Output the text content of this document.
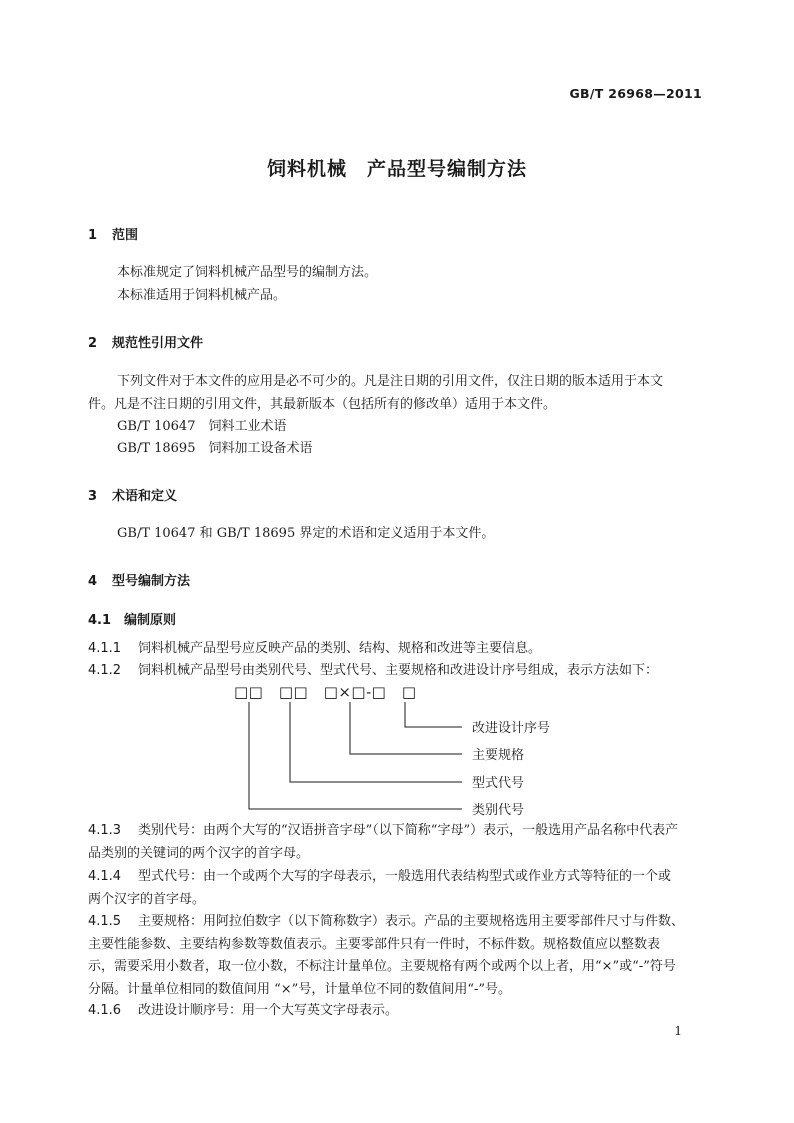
GB/T 26968—2011
饲料机械　产品型号编制方法
1 范围
本标准规定了饲料机械产品型号的编制方法。
本标准适用于饲料机械产品。
2 规范性引用文件
下列文件对于本文件的应用是必不可少的。凡是注日期的引用文件，仅注日期的版本适用于本文
件。凡是不注日期的引用文件，其最新版本（包括所有的修改单）适用于本文件。
GB/T 10647　饲料工业术语
GB/T 18695　饲料加工设备术语
3 术语和定义
GB/T 10647 和 GB/T 18695 界定的术语和定义适用于本文件。
4 型号编制方法
4.1 编制原则
4.1.1 饲料机械产品型号应反映产品的类别、结构、规格和改进等主要信息。
4.1.2 饲料机械产品型号由类别代号、型式代号、主要规格和改进设计序号组成，表示方法如下：
□□　□□　□×□-□　□
改进设计序号
主要规格
型式代号
类别代号
4.1.3 类别代号：由两个大写的“汉语拼音字母”（以下简称“字母”）表示，一般选用产品名称中代表产
品类别的关键词的两个汉字的首字母。
4.1.4 型式代号：由一个或两个大写的字母表示，一般选用代表结构型式或作业方式等特征的一个或
两个汉字的首字母。
4.1.5 主要规格：用阿拉伯数字（以下简称数字）表示。产品的主要规格选用主要零部件尺寸与件数、
主要性能参数、主要结构参数等数值表示。主要零部件只有一件时，不标件数。规格数值应以整数表
示，需要采用小数者，取一位小数，不标注计量单位。主要规格有两个或两个以上者，用“×”或“-”符号
分隔。计量单位相同的数值间用 “×”号，计量单位不同的数值间用“-”号。
4.1.6 改进设计顺序号：用一个大写英文字母表示。
1
